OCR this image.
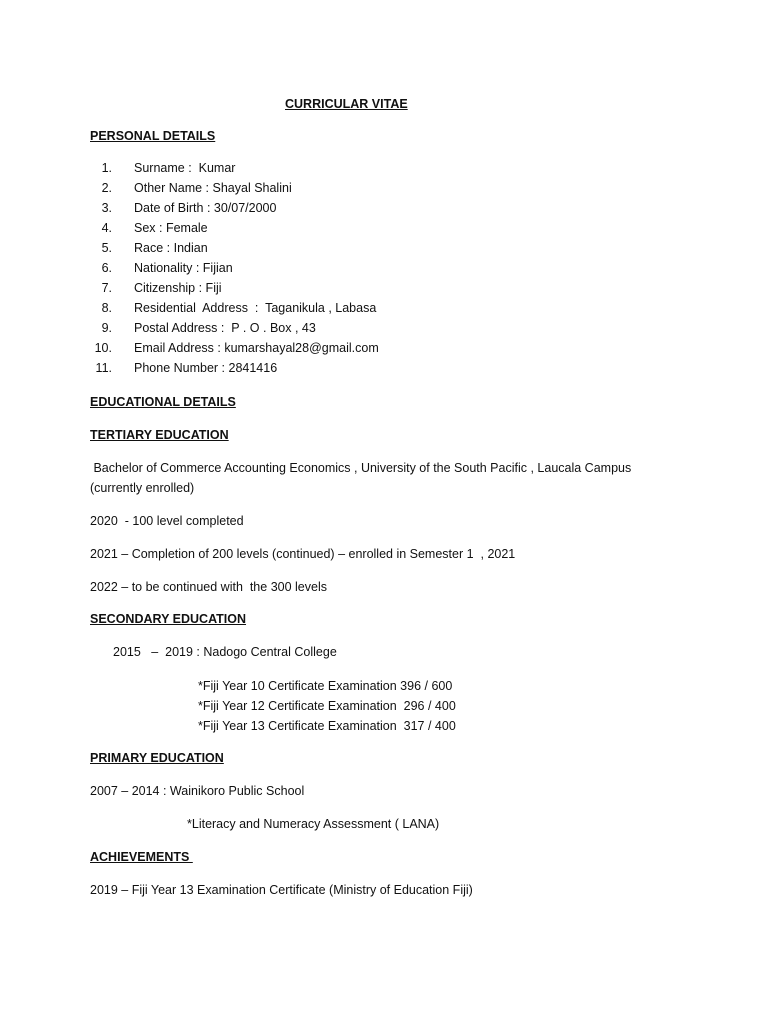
CURRICULAR VITAE

PERSONAL DETAILS

1. Surname :  Kumar
2. Other Name : Shayal Shalini
3. Date of Birth : 30/07/2000
4. Sex : Female
5. Race : Indian
6. Nationality : Fijian
7. Citizenship : Fiji
8. Residential  Address  :  Taganikula , Labasa
9. Postal Address :  P . O . Box , 43
10. Email Address : kumarshayal28@gmail.com
11. Phone Number : 2841416

EDUCATIONAL DETAILS

TERTIARY EDUCATION

Bachelor of Commerce Accounting Economics , University of the South Pacific , Laucala Campus

(currently enrolled)

2020  - 100 level completed

2021 – Completion of 200 levels (continued) – enrolled in Semester 1  , 2021

2022 – to be continued with  the 300 levels

SECONDARY EDUCATION

2015   –  2019 : Nadogo Central College

*Fiji Year 10 Certificate Examination 396 / 600

*Fiji Year 12 Certificate Examination  296 / 400

*Fiji Year 13 Certificate Examination  317 / 400

PRIMARY EDUCATION

2007 – 2014 : Wainikoro Public School

*Literacy and Numeracy Assessment ( LANA)

ACHIEVEMENTS

2019 – Fiji Year 13 Examination Certificate (Ministry of Education Fiji)
